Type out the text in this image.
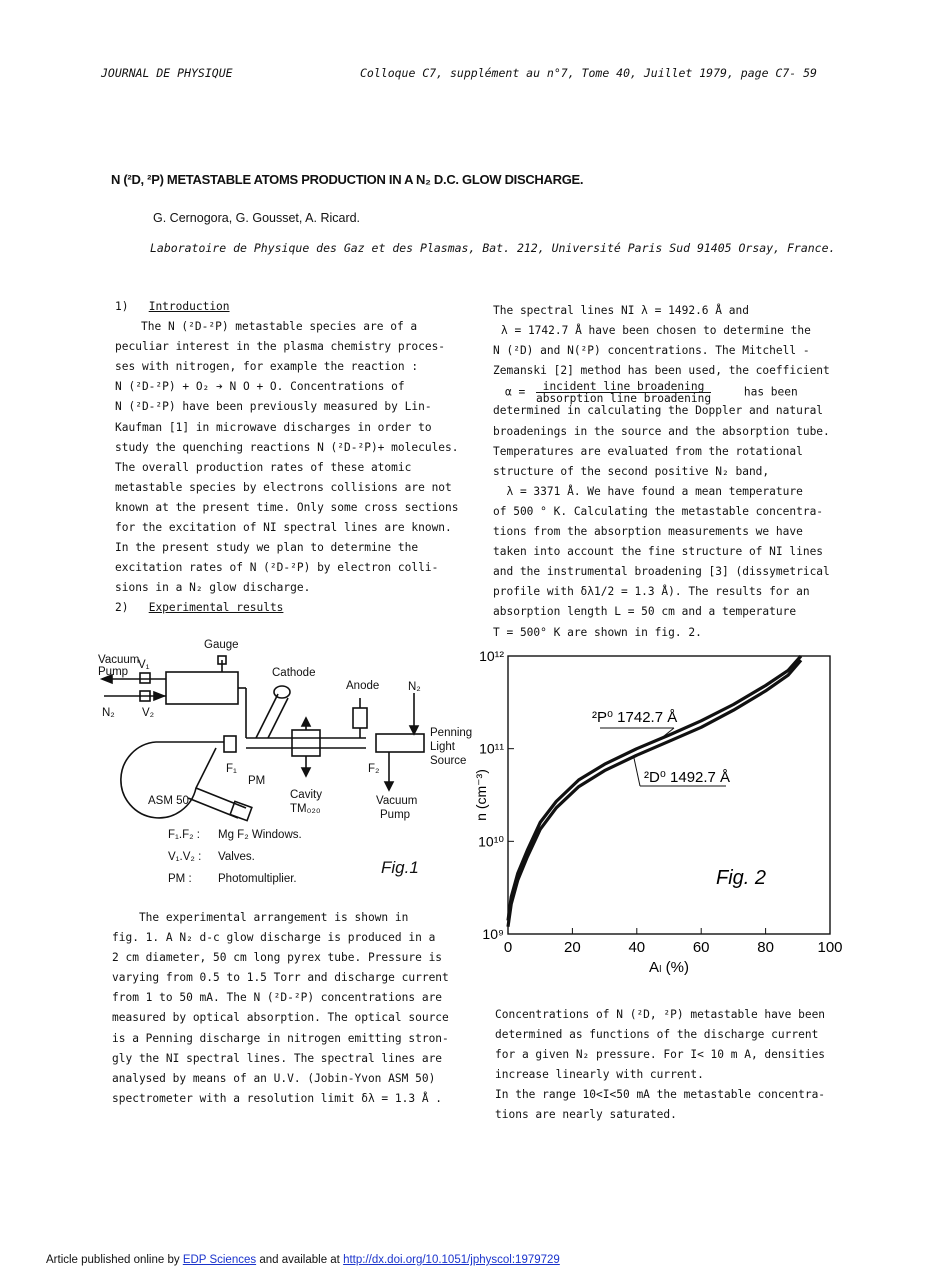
JOURNAL DE PHYSIQUE	Colloque C7, supplément au n°7, Tome 40, Juillet 1979, page C7- 59
N (²D, ²P) METASTABLE ATOMS PRODUCTION IN A N₂ D.C. GLOW DISCHARGE.
G. Cernogora, G. Gousset, A. Ricard.
Laboratoire de Physique des Gaz et des Plasmas, Bat. 212, Université Paris Sud 91405 Orsay, France.
1) Introduction
The N (²D-²P) metastable species are of a
peculiar interest in the plasma chemistry proces-
ses with nitrogen, for example the reaction :
N (²D-²P) + O₂ ➔ N O + O. Concentrations of
N (²D-²P) have been previously measured by Lin-
Kaufman [1] in microwave discharges in order to
study the quenching reactions N (²D-²P)+ molecules.
The overall production rates of these atomic
metastable species by electrons collisions are not
known at the present time. Only some cross sections
for the excitation of NI spectral lines are known.
In the present study we plan to determine the
excitation rates of N (²D-²P) by electron colli-
sions in a N₂ glow discharge.
2) Experimental results
Gauge
Vacuum
Pump
V₁
V₂
N₂
Cathode
Anode N₂
Penning
Light
Source
F₁	F₂
PM
ASM 50	Cavity
TM₀₂₀
Vacuum
Pump
F₁.F₂ : Mg F₂ Windows.
V₁.V₂ : Valves.
PM : Photomultiplier.
Fig.1
The experimental arrangement is shown in
fig. 1. A N₂ d-c glow discharge is produced in a
2 cm diameter, 50 cm long pyrex tube. Pressure is
varying from 0.5 to 1.5 Torr and discharge current
from 1 to 50 mA. The N (²D-²P) concentrations are
measured by optical absorption. The optical source
is a Penning discharge in nitrogen emitting stron-
gly the NI spectral lines. The spectral lines are
analysed by means of an U.V. (Jobin-Yvon ASM 50)
spectrometer with a resolution limit δλ = 1.3 Å .
The spectral lines NI λ = 1492.6 Å and
λ = 1742.7 Å have been chosen to determine the
N (²D) and N(²P) concentrations. The Mitchell -
Zemanski [2] method has been used, the coefficient
$\alpha = \frac{\text{incident line broadening}}{\text{absorption line broadening}}$	has been
determined in calculating the Doppler and natural
broadenings in the source and the absorption tube.
Temperatures are evaluated from the rotational
structure of the second positive N₂ band,
λ = 3371 Å. We have found a mean temperature
of 500 ° K. Calculating the metastable concentra-
tions from the absorption measurements we have
taken into account the fine structure of NI lines
and the instrumental broadening [3] (dissymetrical
profile with δλ1/2 = 1.3 Å). The results for an
absorption length L = 50 cm and a temperature
T = 500° K are shown in fig. 2.
0	20	40	60	80	100
10⁹
10¹⁰
10¹¹
10¹²
Aₗ (%)
n (cm⁻³)
²P⁰ 1742.7 Å
²D⁰ 1492.7 Å
Fig. 2
Concentrations of N (²D, ²P) metastable have been
determined as functions of the discharge current
for a given N₂ pressure. For I< 10 m A, densities
increase linearly with current.
In the range 10<I<50 mA the metastable concentra-
tions are nearly saturated.
Article published online by EDP Sciences and available at http://dx.doi.org/10.1051/jphyscol:1979729
